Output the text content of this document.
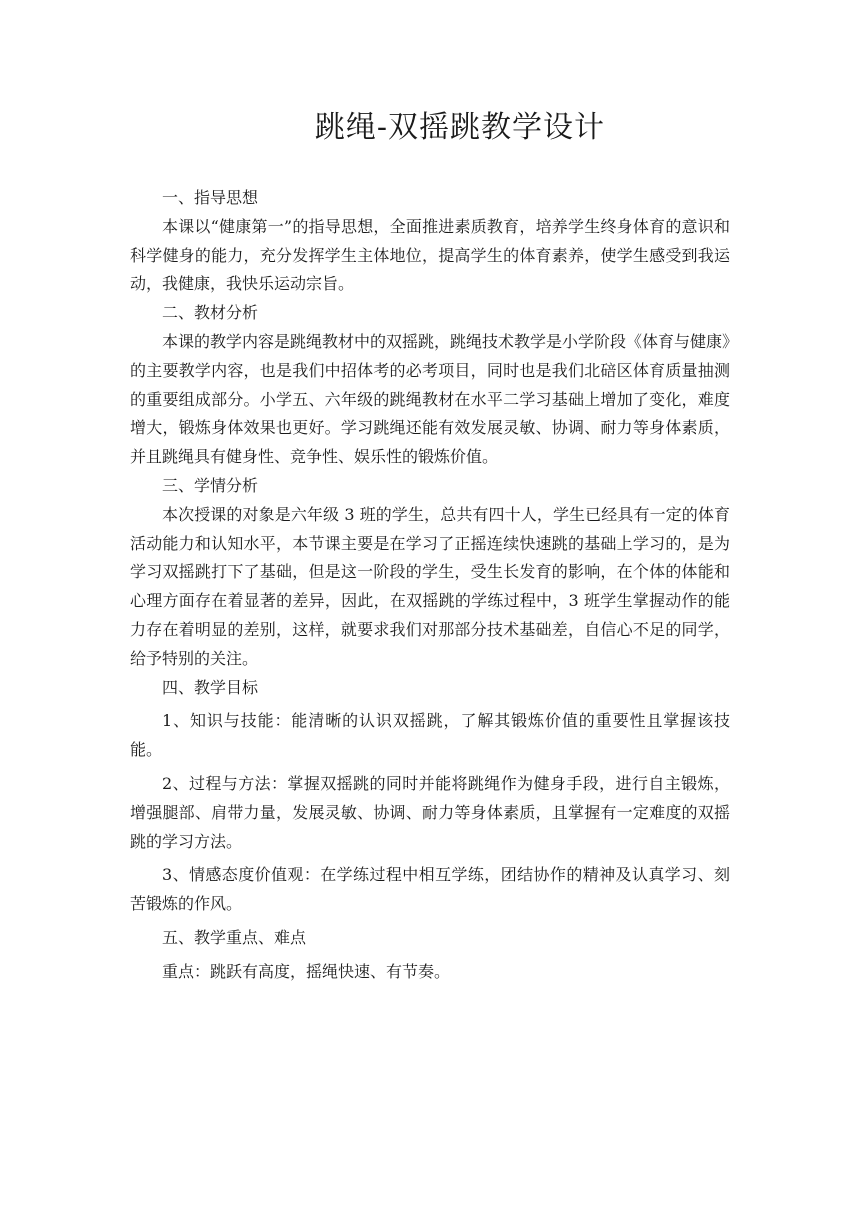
跳绳-双摇跳教学设计

一、指导思想

本课以“健康第一”的指导思想，全面推进素质教育，培养学生终身体育的意识和科学健身的能力，充分发挥学生主体地位，提高学生的体育素养，使学生感受到我运动，我健康，我快乐运动宗旨。

二、教材分析

本课的教学内容是跳绳教材中的双摇跳，跳绳技术教学是小学阶段《体育与健康》的主要教学内容，也是我们中招体考的必考项目，同时也是我们北碚区体育质量抽测的重要组成部分。小学五、六年级的跳绳教材在水平二学习基础上增加了变化，难度增大，锻炼身体效果也更好。学习跳绳还能有效发展灵敏、协调、耐力等身体素质，并且跳绳具有健身性、竞争性、娱乐性的锻炼价值。

三、学情分析

本次授课的对象是六年级 3 班的学生，总共有四十人，学生已经具有一定的体育活动能力和认知水平，本节课主要是在学习了正摇连续快速跳的基础上学习的，是为学习双摇跳打下了基础，但是这一阶段的学生，受生长发育的影响，在个体的体能和心理方面存在着显著的差异，因此，在双摇跳的学练过程中，3 班学生掌握动作的能力存在着明显的差别，这样，就要求我们对那部分技术基础差，自信心不足的同学，给予特别的关注。

四、教学目标

1、知识与技能：能清晰的认识双摇跳，了解其锻炼价值的重要性且掌握该技能。

2、过程与方法：掌握双摇跳的同时并能将跳绳作为健身手段，进行自主锻炼，增强腿部、肩带力量，发展灵敏、协调、耐力等身体素质，且掌握有一定难度的双摇跳的学习方法。

3、情感态度价值观：在学练过程中相互学练，团结协作的精神及认真学习、刻苦锻炼的作风。

五、教学重点、难点

重点：跳跃有高度，摇绳快速、有节奏。
